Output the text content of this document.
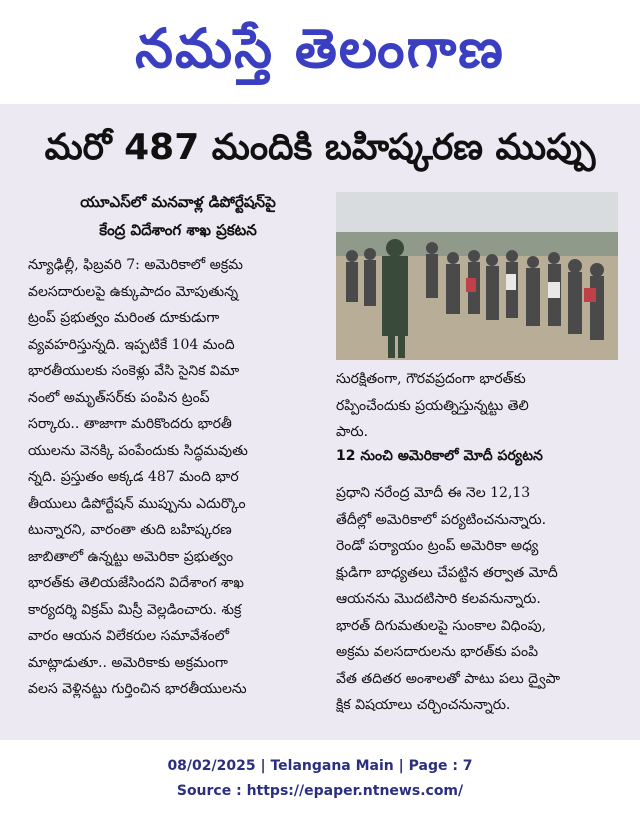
నమస్తే తెలంగాణ
మరో 487 మందికి బహిష్కరణ ముప్పు
యూఎస్‌లో మనవాళ్ల డిపోర్టేషన్‌పై
కేంద్ర విదేశాంగ శాఖ ప్రకటన

న్యూఢిల్లీ, ఫిబ్రవరి 7: అమెరికాలో అక్రమ

వలసదారులపై ఉక్కుపాదం మోపుతున్న

ట్రంప్ ప్రభుత్వం మరింత దూకుడుగా

వ్యవహరిస్తున్నది. ఇప్పటికే 104 మంది

భారతీయులకు సంకెళ్లు వేసి సైనిక విమా

నంలో అమృత్‌సర్‌కు పంపిన ట్రంప్

సర్కారు.. తాజాగా మరికొందరు భారతీ

యులను వెనక్కి పంపేందుకు సిద్ధమవుతు

న్నది. ప్రస్తుతం అక్కడ 487 మంది భార

తీయులు డిపోర్టేషన్ ముప్పును ఎదుర్కొం

టున్నారని, వారంతా తుది బహిష్కరణ

జాబితాలో ఉన్నట్టు అమెరికా ప్రభుత్వం

భారత్‌కు తెలియజేసిందని విదేశాంగ శాఖ

కార్యదర్శి విక్రమ్ మిస్రీ వెల్లడించారు. శుక్ర

వారం ఆయన విలేకరుల సమావేశంలో

మాట్లాడుతూ.. అమెరికాకు అక్రమంగా

వలస వెళ్లినట్టు గుర్తించిన భారతీయులను

సురక్షితంగా, గౌరవప్రదంగా భారత్‌కు

రప్పించేందుకు ప్రయత్నిస్తున్నట్టు తెలి

పారు.

12 నుంచి అమెరికాలో మోదీ పర్యటన

ప్రధాని నరేంద్ర మోదీ ఈ నెల 12,13

తేదీల్లో అమెరికాలో పర్యటించనున్నారు.

రెండో పర్యాయం ట్రంప్ అమెరికా అధ్య

క్షుడిగా బాధ్యతలు చేపట్టిన తర్వాత మోదీ

ఆయనను మొదటిసారి కలవనున్నారు.

భారత్ దిగుమతులపై సుంకాల విధింపు,

అక్రమ వలసదారులను భారత్‌కు పంపి

వేత తదితర అంశాలతో పాటు పలు ద్వైపా

క్షిక విషయాలు చర్చించనున్నారు.

08/02/2025 | Telangana Main | Page : 7
Source : https://epaper.ntnews.com/
